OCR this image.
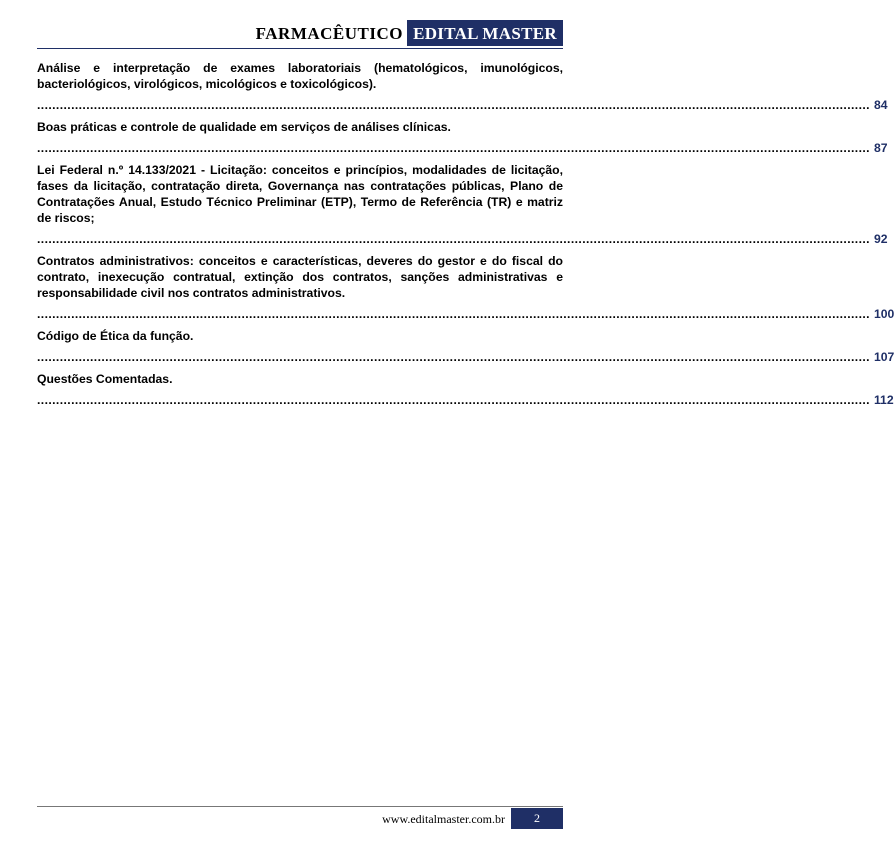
FARMACÊUTICO EDITAL MASTER

Análise e interpretação de exames laboratoriais (hematológicos, imunológicos, bacteriológicos, virológicos, micológicos e toxicológicos).

............................................................................................................................................................................................................................ 84

Boas práticas e controle de qualidade em serviços de análises clínicas.

............................................................................................................................................................................................................................ 87

Lei Federal n.º 14.133/2021 - Licitação: conceitos e princípios, modalidades de licitação, fases da licitação, contratação direta, Governança nas contratações públicas, Plano de Contratações Anual, Estudo Técnico Preliminar (ETP), Termo de Referência (TR) e matriz de riscos;

............................................................................................................................................................................................................................ 92

Contratos administrativos: conceitos e características, deveres do gestor e do fiscal do contrato, inexecução contratual, extinção dos contratos, sanções administrativas e responsabilidade civil nos contratos administrativos.

............................................................................................................................................................................................................................ 100

Código de Ética da função.

............................................................................................................................................................................................................................ 107

Questões Comentadas.

............................................................................................................................................................................................................................ 112
www.editalmaster.com.br	2
